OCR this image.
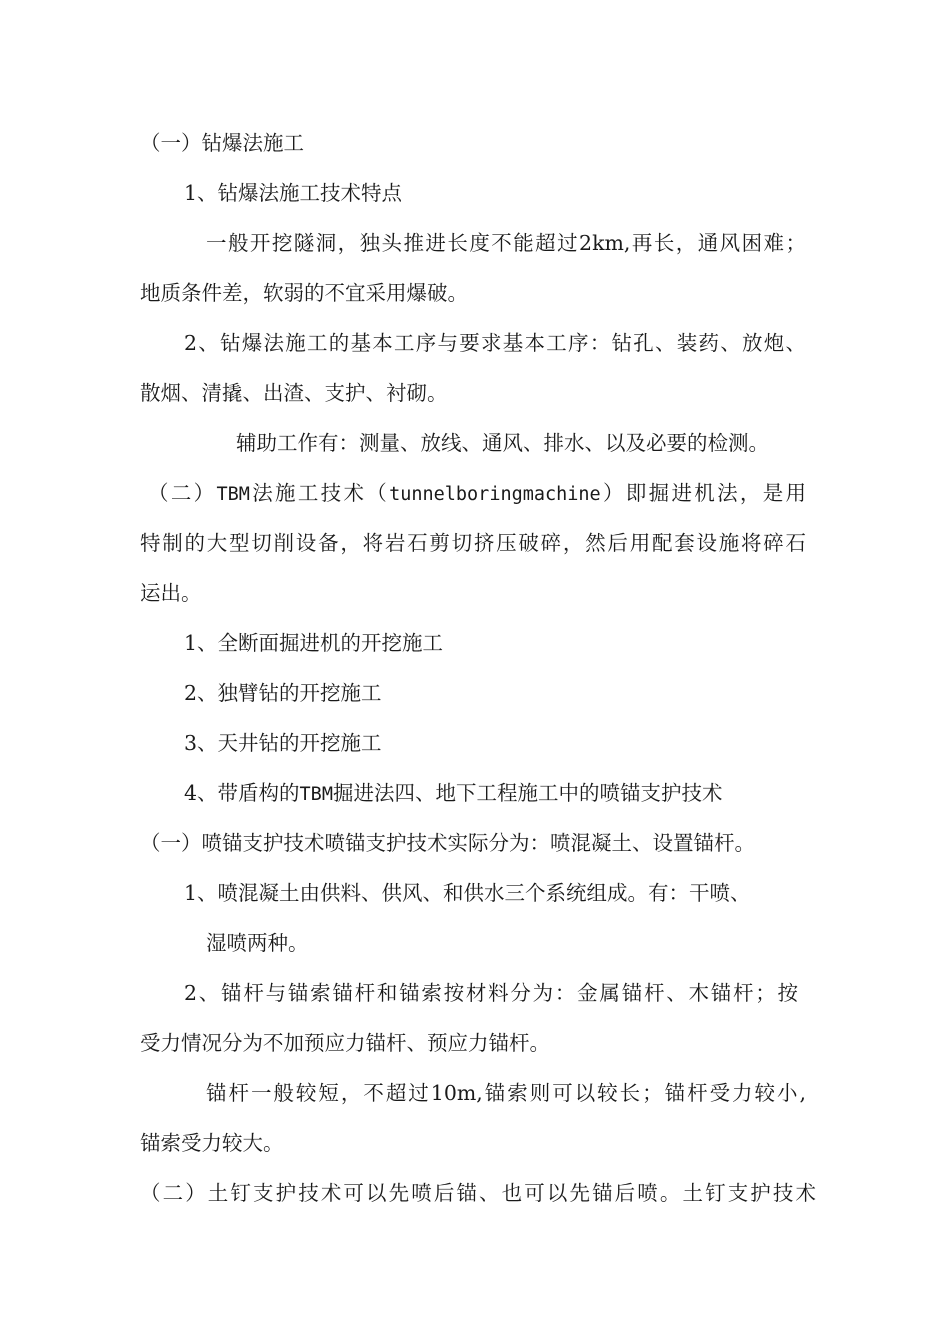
（一）钻爆法施工
1、钻爆法施工技术特点
一般开挖隧洞，独头推进长度不能超过2km,再长，通风困难；
地质条件差，软弱的不宜采用爆破。
2、钻爆法施工的基本工序与要求基本工序：钻孔、装药、放炮、
散烟、清撬、出渣、支护、衬砌。
辅助工作有：测量、放线、通风、排水、以及必要的检测。
（二）TBM法施工技术（tunnelboringmachine）即掘进机法，是用
特制的大型切削设备，将岩石剪切挤压破碎，然后用配套设施将碎石
运出。
1、全断面掘进机的开挖施工
2、独臂钻的开挖施工
3、天井钻的开挖施工
4、带盾构的TBM掘进法四、地下工程施工中的喷锚支护技术
（一）喷锚支护技术喷锚支护技术实际分为：喷混凝土、设置锚杆。
1、喷混凝土由供料、供风、和供水三个系统组成。有：干喷、
湿喷两种。
2、锚杆与锚索锚杆和锚索按材料分为：金属锚杆、木锚杆；按
受力情况分为不加预应力锚杆、预应力锚杆。
锚杆一般较短，不超过10m,锚索则可以较长；锚杆受力较小,
锚索受力较大。
（二）土钉支护技术可以先喷后锚、也可以先锚后喷。土钉支护技术
